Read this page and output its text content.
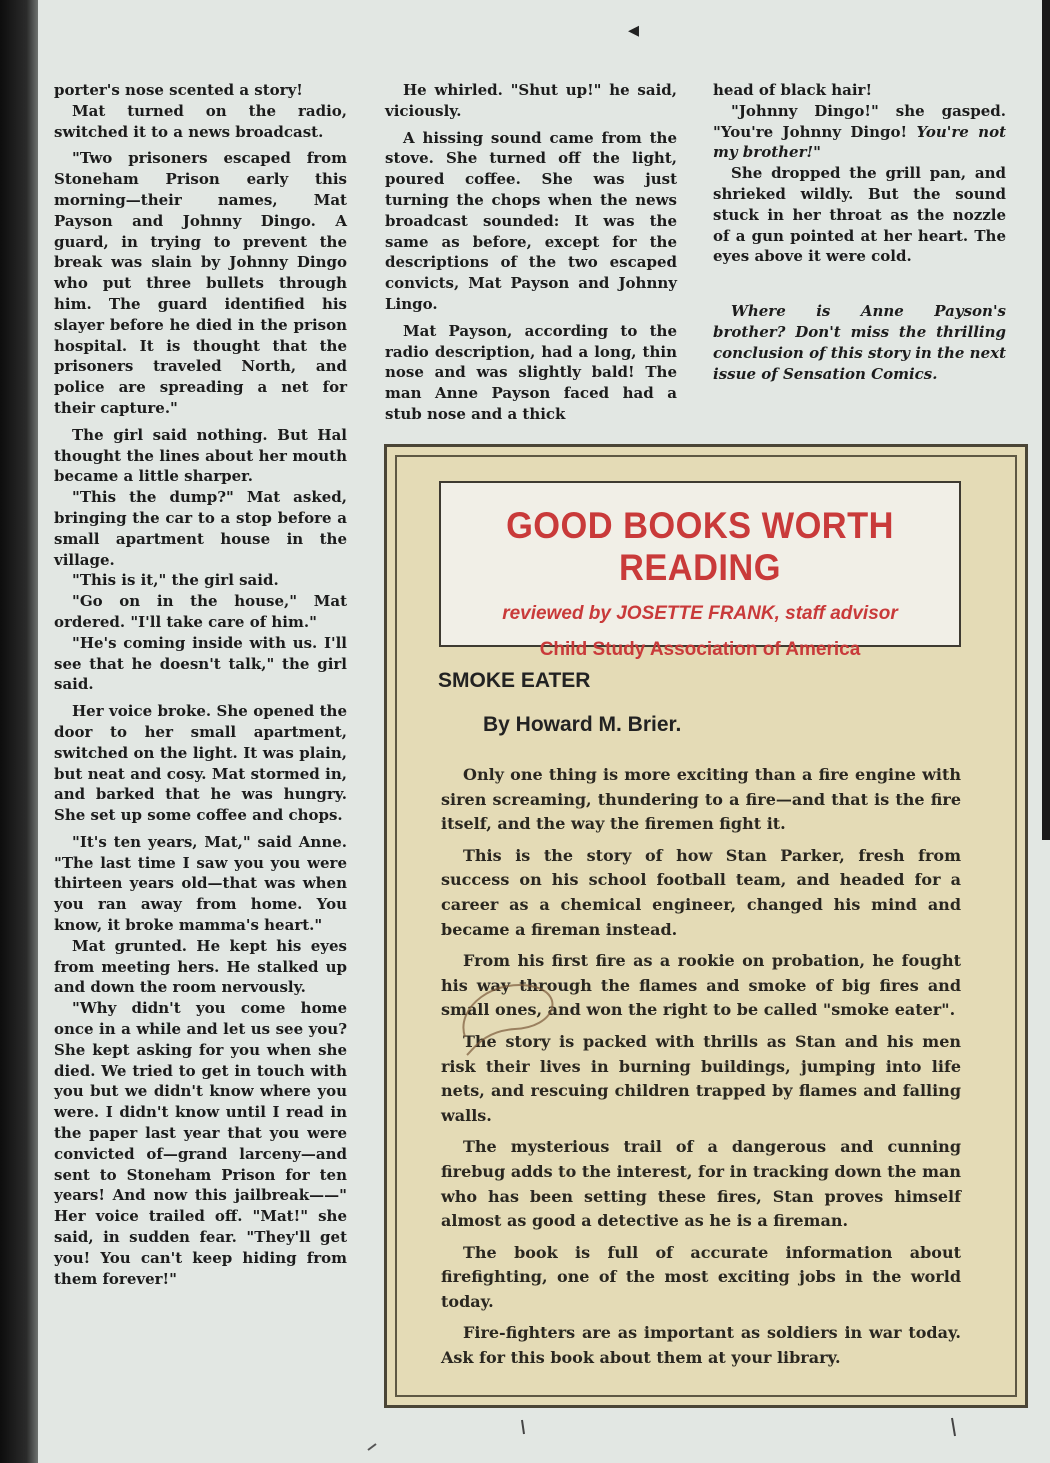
◂

porter's nose scented a story!

Mat turned on the radio, switched it to a news broadcast.

"Two prisoners escaped from Stoneham Prison early this morning—their names, Mat Payson and Johnny Dingo. A guard, in trying to prevent the break was slain by Johnny Dingo who put three bullets through him. The guard identified his slayer before he died in the prison hospital. It is thought that the prisoners traveled North, and police are spreading a net for their capture."

The girl said nothing. But Hal thought the lines about her mouth became a little sharper.

"This the dump?" Mat asked, bringing the car to a stop before a small apartment house in the village.

"This is it," the girl said.

"Go on in the house," Mat ordered. "I'll take care of him."

"He's coming inside with us. I'll see that he doesn't talk," the girl said.

Her voice broke. She opened the door to her small apartment, switched on the light. It was plain, but neat and cosy. Mat stormed in, and barked that he was hungry. She set up some coffee and chops.

"It's ten years, Mat," said Anne. "The last time I saw you you were thirteen years old—that was when you ran away from home. You know, it broke mamma's heart."

Mat grunted. He kept his eyes from meeting hers. He stalked up and down the room nervously.

"Why didn't you come home once in a while and let us see you? She kept asking for you when she died. We tried to get in touch with you but we didn't know where you were. I didn't know until I read in the paper last year that you were convicted of—grand larceny—and sent to Stoneham Prison for ten years! And now this jailbreak——" Her voice trailed off. "Mat!" she said, in sudden fear. "They'll get you! You can't keep hiding from them forever!"

He whirled. "Shut up!" he said, viciously.

A hissing sound came from the stove. She turned off the light, poured coffee. She was just turning the chops when the news broadcast sounded: It was the same as before, except for the descriptions of the two escaped convicts, Mat Payson and Johnny Lingo.

Mat Payson, according to the radio description, had a long, thin nose and was slightly bald! The man Anne Payson faced had a stub nose and a thick

head of black hair!

"Johnny Dingo!" she gasped. "You're Johnny Dingo! You're not my brother!"

She dropped the grill pan, and shrieked wildly. But the sound stuck in her throat as the nozzle of a gun pointed at her heart. The eyes above it were cold.

Where is Anne Payson's brother? Don't miss the thrilling conclusion of this story in the next issue of Sensation Comics.

GOOD BOOKS WORTH READING
reviewed by JOSETTE FRANK, staff advisor
Child Study Association of America
SMOKE EATER
By Howard M. Brier.

Only one thing is more exciting than a fire engine with siren screaming, thundering to a fire—and that is the fire itself, and the way the firemen fight it.

This is the story of how Stan Parker, fresh from success on his school football team, and headed for a career as a chemical engineer, changed his mind and became a fireman instead.

From his first fire as a rookie on probation, he fought his way through the flames and smoke of big fires and small ones, and won the right to be called "smoke eater".

The story is packed with thrills as Stan and his men risk their lives in burning buildings, jumping into life nets, and rescuing children trapped by flames and falling walls.

The mysterious trail of a dangerous and cunning firebug adds to the interest, for in tracking down the man who has been setting these fires, Stan proves himself almost as good a detective as he is a fireman.

The book is full of accurate information about firefighting, one of the most exciting jobs in the world today.

Fire-fighters are as important as soldiers in war today. Ask for this book about them at your library.
